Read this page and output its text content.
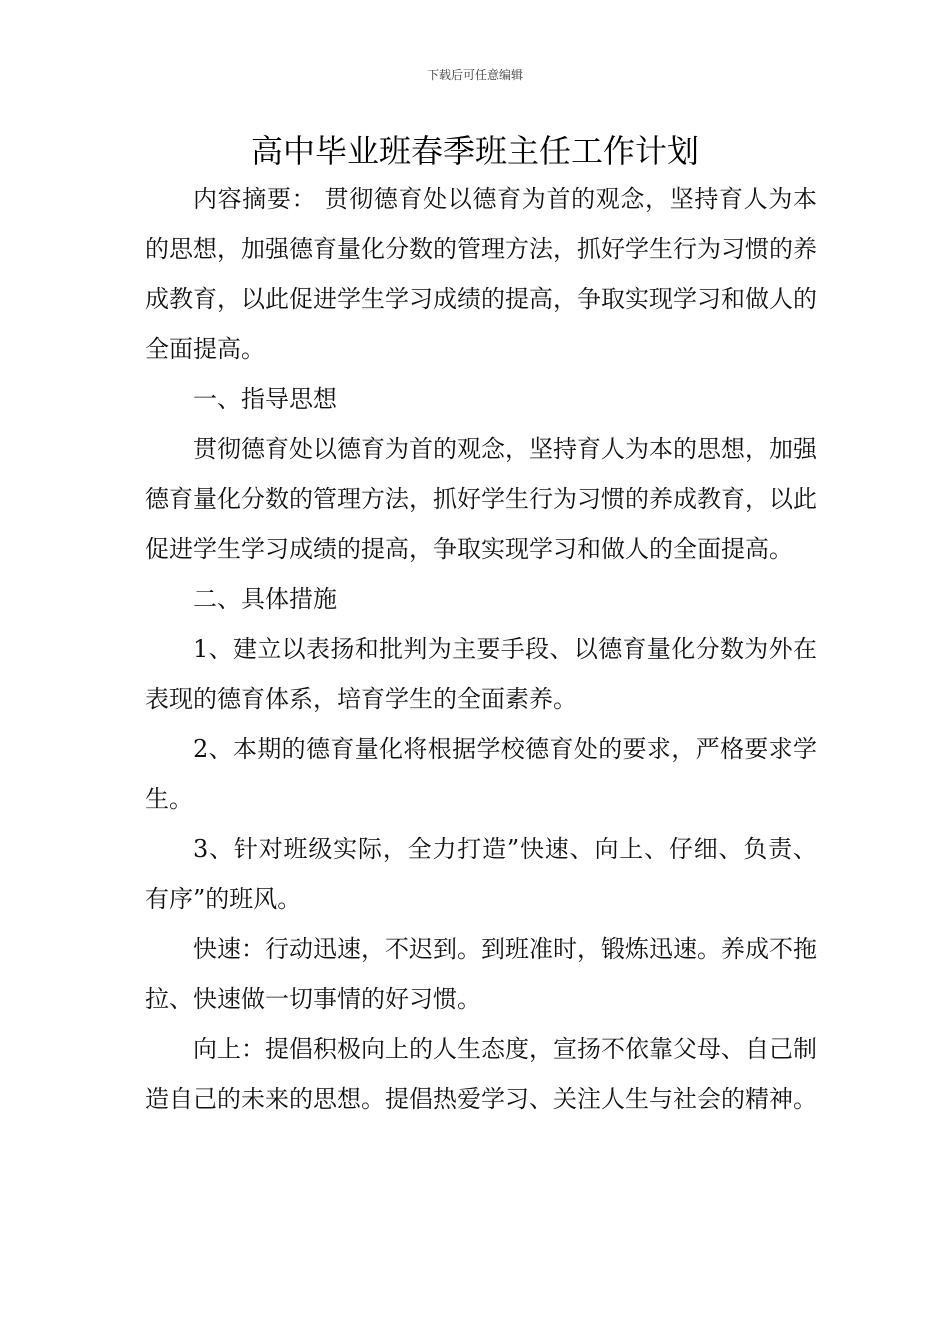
下载后可任意编辑
高中毕业班春季班主任工作计划

内容摘要： 贯彻德育处以德育为首的观念，坚持育人为本的思想，加强德育量化分数的管理方法，抓好学生行为习惯的养成教育，以此促进学生学习成绩的提高，争取实现学习和做人的全面提高。

一、指导思想

贯彻德育处以德育为首的观念，坚持育人为本的思想，加强德育量化分数的管理方法，抓好学生行为习惯的养成教育，以此促进学生学习成绩的提高，争取实现学习和做人的全面提高。

二、具体措施

1、建立以表扬和批判为主要手段、以德育量化分数为外在表现的德育体系，培育学生的全面素养。

2、本期的德育量化将根据学校德育处的要求，严格要求学生。

3、针对班级实际，全力打造”快速、向上、仔细、负责、有序”的班风。

快速：行动迅速，不迟到。到班准时，锻炼迅速。养成不拖拉、快速做一切事情的好习惯。

向上：提倡积极向上的人生态度，宣扬不依靠父母、自己制造自己的未来的思想。提倡热爱学习、关注人生与社会的精神。
